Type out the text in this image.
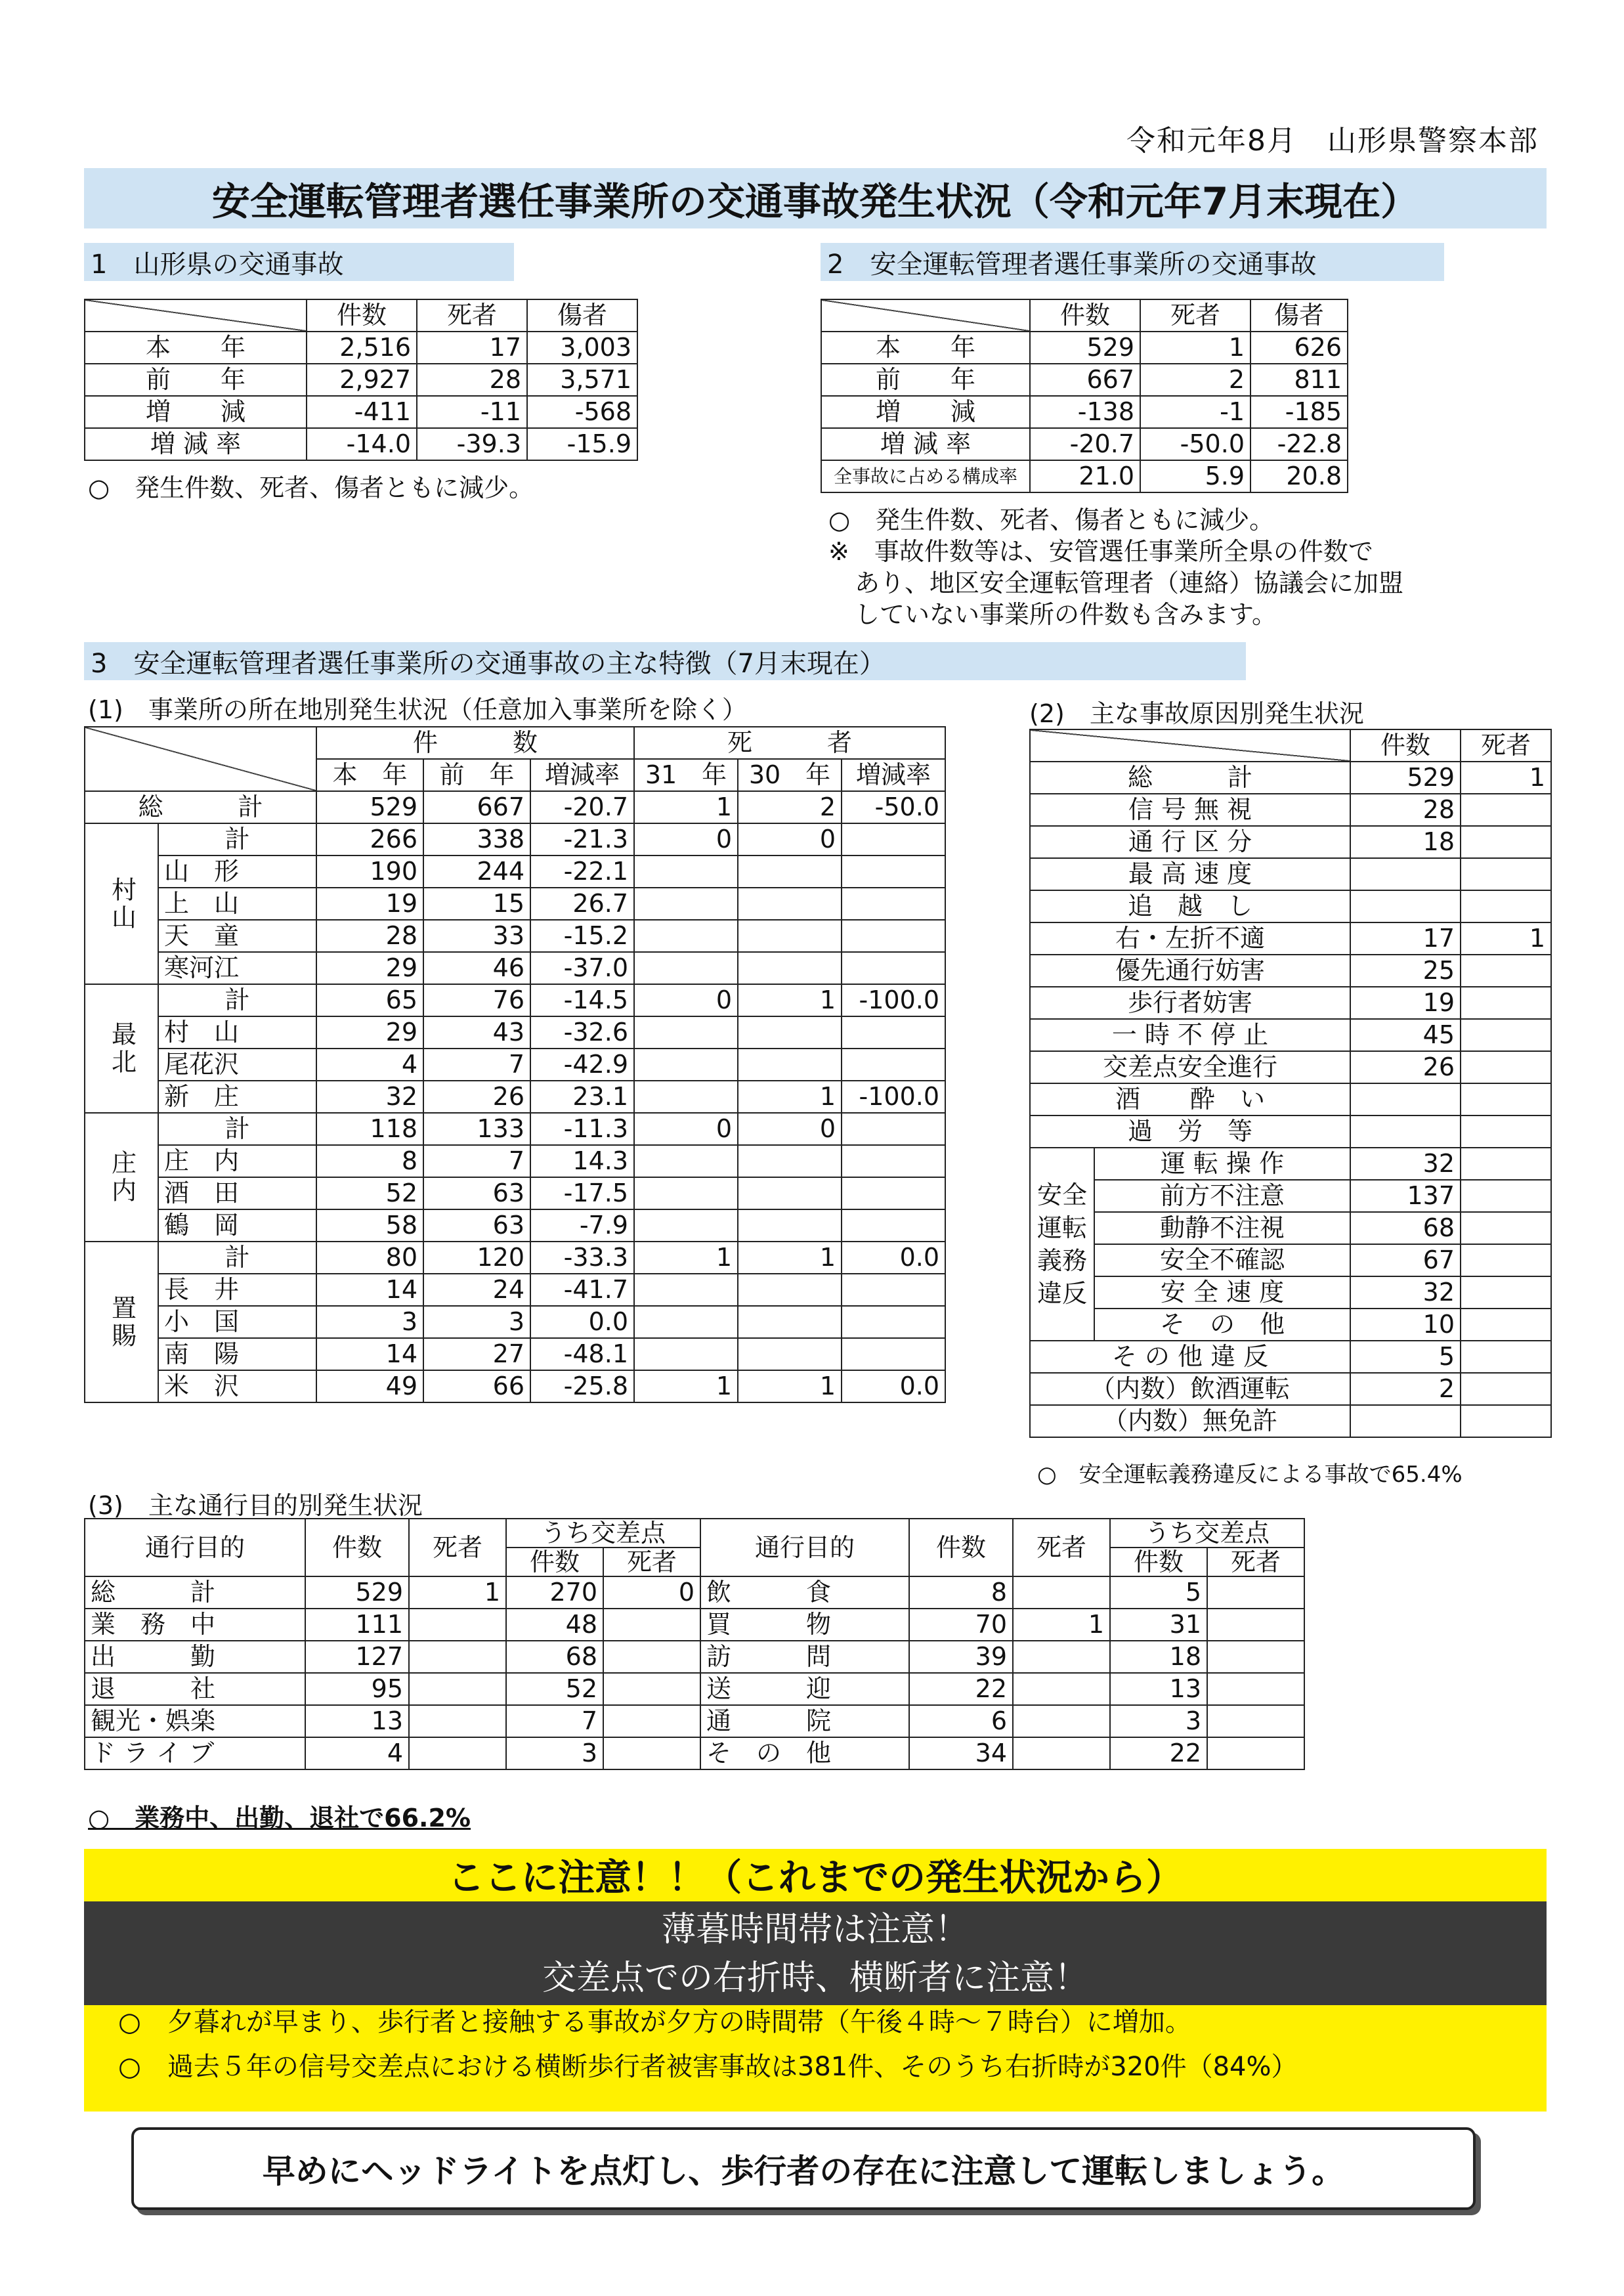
令和元年8月　山形県警察本部
安全運転管理者選任事業所の交通事故発生状況（令和元年7月末現在）
1　山形県の交通事故
	件数	死者	傷者
本　　年	2,516	17	3,003
前　　年	2,927	28	3,571
増　　減	-411	-11	-568
増 減 率	-14.0	-39.3	-15.9
○　発生件数、死者、傷者ともに減少。
2　安全運転管理者選任事業所の交通事故
	件数	死者	傷者
本　　年	529	1	626
前　　年	667	2	811
増　　減	-138	-1	-185
増 減 率	-20.7	-50.0	-22.8
全事故に占める構成率	21.0	5.9	20.8
○　発生件数、死者、傷者ともに減少。
※　事故件数等は、安管選任事業所全県の件数で
あり、地区安全運転管理者（連絡）協議会に加盟
していない事業所の件数も含みます。
3　安全運転管理者選任事業所の交通事故の主な特徴（7月末現在）
(1)　事業所の所在地別発生状況（任意加入事業所を除く）
		件　　　数			死　　　者		
		本　年	前　年	増減率	31　年	30　年	増減率
総　　　計		529	667	-20.7	1	2	-50.0
村山	計	266	338	-21.3	0	0	
	山　形	190	244	-22.1			
	上　山	19	15	26.7			
	天　童	28	33	-15.2			
	寒河江	29	46	-37.0			
最北	計	65	76	-14.5	0	1	-100.0
	村　山	29	43	-32.6			
	尾花沢	4	7	-42.9			
	新　庄	32	26	23.1		1	-100.0
庄内	計	118	133	-11.3	0	0	
	庄　内	8	7	14.3			
	酒　田	52	63	-17.5			
	鶴　岡	58	63	-7.9			
置賜	計	80	120	-33.3	1	1	0.0
	長　井	14	24	-41.7			
	小　国	3	3	0.0			
	南　陽	14	27	-48.1			
	米　沢	49	66	-25.8	1	1	0.0
(2)　主な事故原因別発生状況
		件数	死者
総　　　計		529	1
信 号 無 視		28	
通 行 区 分		18	
最 高 速 度			
追　越　し			
右・左折不適		17	1
優先通行妨害		25	
歩行者妨害		19	
一 時 不 停 止		45	
交差点安全進行		26	
酒　　酔　い			
過　労　等			
安全運転義務違反	運 転 操 作	32	
	前方不注意	137	
	動静不注視	68	
	安全不確認	67	
	安 全 速 度	32	
	そ　の　他	10	
そ の 他 違 反		5	
（内数）飲酒運転		2	
（内数）無免許			
○　安全運転義務違反による事故で65.4%
(3)　主な通行目的別発生状況
通行目的	件数	死者	うち交差点		通行目的	件数	死者	うち交差点	
			件数	死者				件数	死者
総　　　計	529	1	270	0	飲　　　食	8		5	
業　務　中	111		48		買　　　物	70	1	31	
出　　　勤	127		68		訪　　　問	39		18	
退　　　社	95		52		送　　　迎	22		13	
観光・娯楽	13		7		通　　　院	6		3	
ド ラ イ ブ	4		3		そ　の　他	34		22	
○　業務中、出勤、退社で66.2%
ここに注意！！（これまでの発生状況から）
薄暮時間帯は注意！
交差点での右折時、横断者に注意！
○　夕暮れが早まり、歩行者と接触する事故が夕方の時間帯（午後４時～７時台）に増加。
○　過去５年の信号交差点における横断歩行者被害事故は381件、そのうち右折時が320件（84%）
早めにヘッドライトを点灯し、歩行者の存在に注意して運転しましょう。
